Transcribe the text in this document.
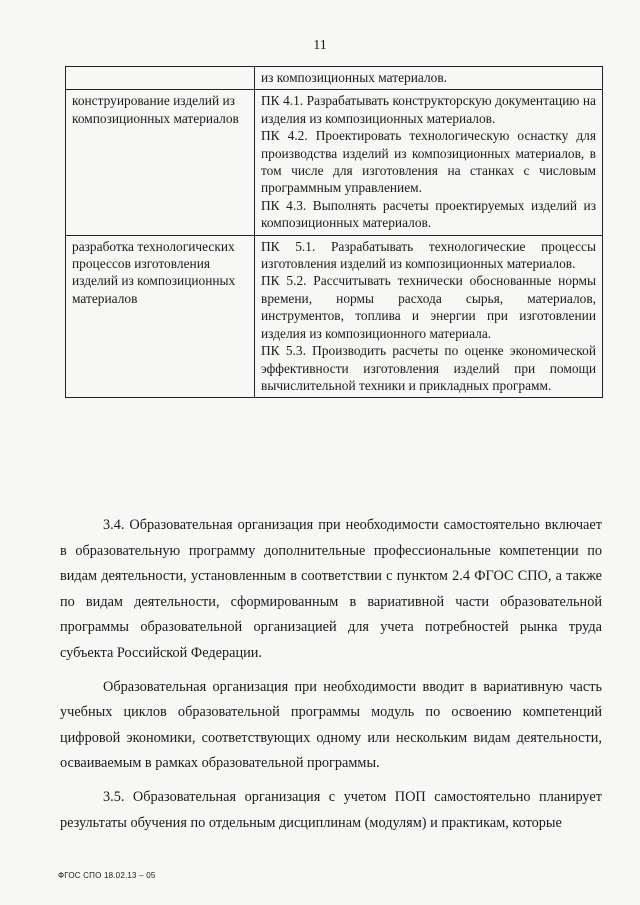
11
	из композиционных материалов.
конструирование изделий из композиционных материалов	ПК 4.1. Разрабатывать конструкторскую документацию на изделия из композиционных материалов.
ПК 4.2. Проектировать технологическую оснастку для производства изделий из композиционных материалов, в том числе для изготовления на станках с числовым программным управлением.
ПК 4.3. Выполнять расчеты проектируемых изделий из композиционных материалов.

разработка технологических процессов изготовления изделий из композиционных материалов	ПК 5.1. Разрабатывать технологические процессы изготовления изделий из композиционных материалов.
ПК 5.2. Рассчитывать технически обоснованные нормы времени, нормы расхода сырья, материалов, инструментов, топлива и энергии при изготовлении изделия из композиционного материала.
ПК 5.3. Производить расчеты по оценке экономической эффективности изготовления изделий при помощи вычислительной техники и прикладных программ.

3.4. Образовательная организация при необходимости самостоятельно включает в образовательную программу дополнительные профессиональные компетенции по видам деятельности, установленным в соответствии с пунктом 2.4 ФГОС СПО, а также по видам деятельности, сформированным в вариативной части образовательной программы образовательной организацией для учета потребностей рынка труда субъекта Российской Федерации.

Образовательная организация при необходимости вводит в вариативную часть учебных циклов образовательной программы модуль по освоению компетенций цифровой экономики, соответствующих одному или нескольким видам деятельности, осваиваемым в рамках образовательной программы.

3.5. Образовательная организация с учетом ПОП самостоятельно планирует результаты обучения по отдельным дисциплинам (модулям) и практикам, которые

ФГОС СПО 18.02.13 – 05
